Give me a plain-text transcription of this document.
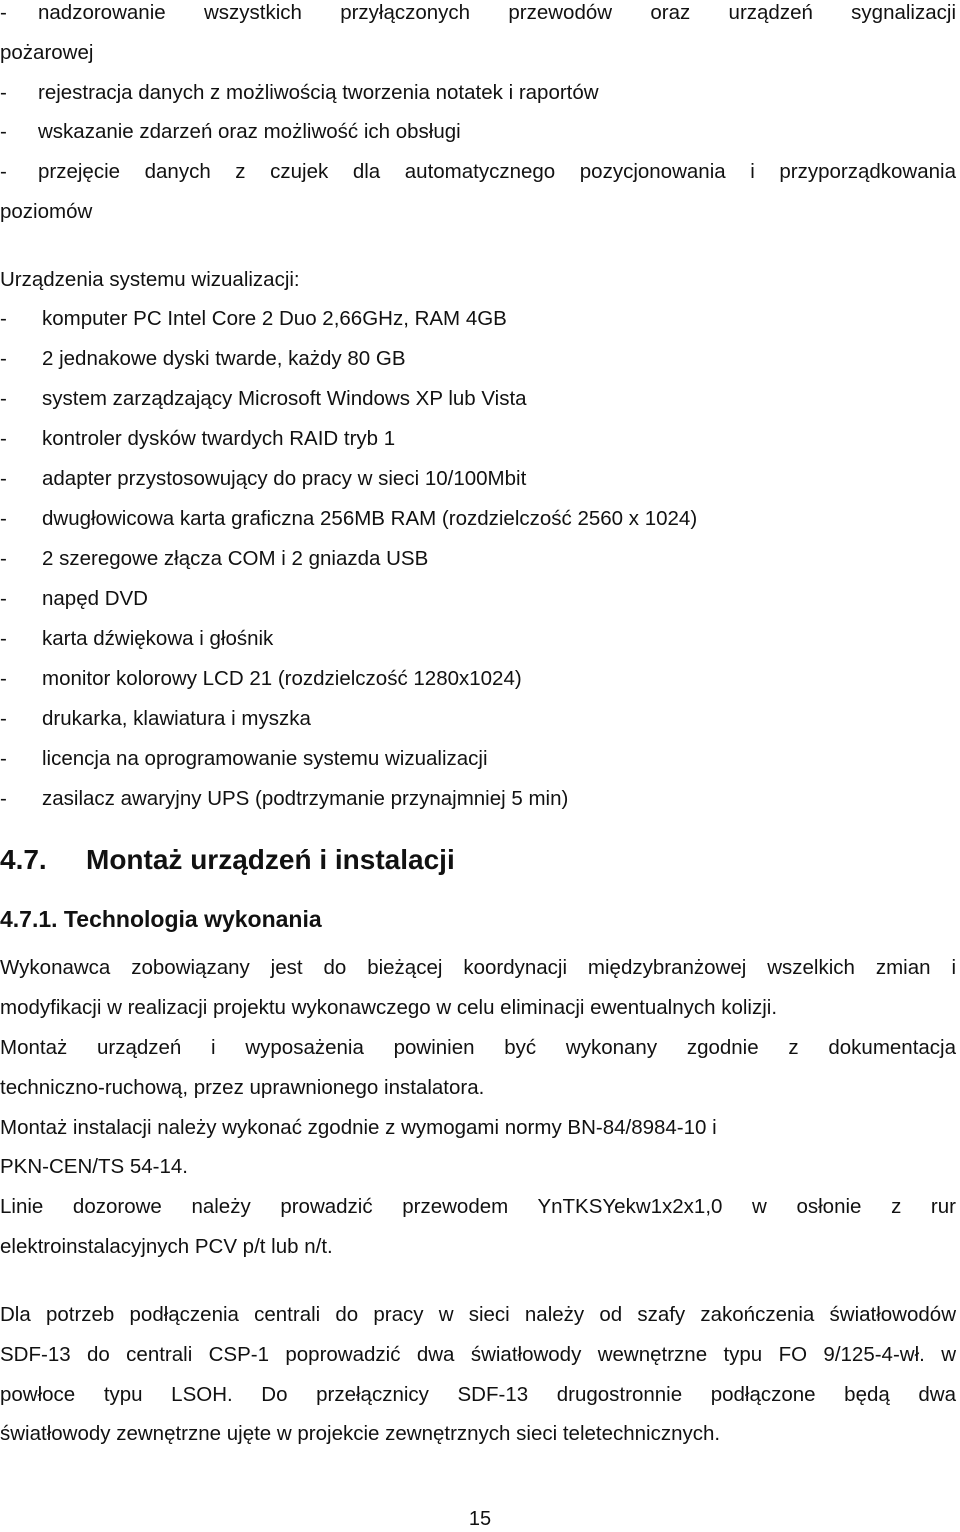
- nadzorowanie wszystkich przyłączonych przewodów oraz urządzeń sygnalizacji
pożarowej
-	rejestracja danych z możliwością tworzenia notatek i raportów
-	wskazanie zdarzeń oraz możliwość ich obsługi
- przejęcie danych z czujek dla automatycznego pozycjonowania i przyporządkowania
poziomów
Urządzenia systemu wizualizacji:
-	komputer PC Intel Core 2 Duo 2,66GHz, RAM 4GB
-	2 jednakowe dyski twarde, każdy 80 GB
-	system zarządzający Microsoft Windows XP lub Vista
-	kontroler dysków twardych RAID tryb 1
-	adapter przystosowujący do pracy w sieci 10/100Mbit
-	dwugłowicowa karta graficzna 256MB RAM (rozdzielczość 2560 x 1024)
-	2 szeregowe złącza COM i 2 gniazda USB
-	napęd DVD
-	karta dźwiękowa i głośnik
-	monitor kolorowy LCD 21 (rozdzielczość 1280x1024)
-	drukarka, klawiatura i myszka
-	licencja na oprogramowanie systemu wizualizacji
-	zasilacz awaryjny UPS (podtrzymanie przynajmniej 5 min)
4.7. Montaż urządzeń i instalacji
4.7.1. Technologia wykonania
Wykonawca zobowiązany jest do bieżącej koordynacji międzybranżowej wszelkich zmian i
modyfikacji w realizacji projektu wykonawczego w celu eliminacji ewentualnych kolizji.
Montaż urządzeń i wyposażenia powinien być wykonany zgodnie z dokumentacja
techniczno-ruchową, przez uprawnionego instalatora.
Montaż instalacji należy wykonać zgodnie z wymogami normy BN-84/8984-10 i
PKN-CEN/TS 54-14.
Linie dozorowe należy prowadzić przewodem YnTKSYekw1x2x1,0 w osłonie z rur
elektroinstalacyjnych PCV p/t lub n/t.
Dla potrzeb podłączenia centrali do pracy w sieci należy od szafy zakończenia światłowodów
SDF-13 do centrali CSP-1 poprowadzić dwa światłowody wewnętrzne typu FO 9/125-4-wł. w
powłoce typu LSOH. Do przełącznicy SDF-13 drugostronnie podłączone będą dwa
światłowody zewnętrzne ujęte w projekcie zewnętrznych sieci teletechnicznych.
15
